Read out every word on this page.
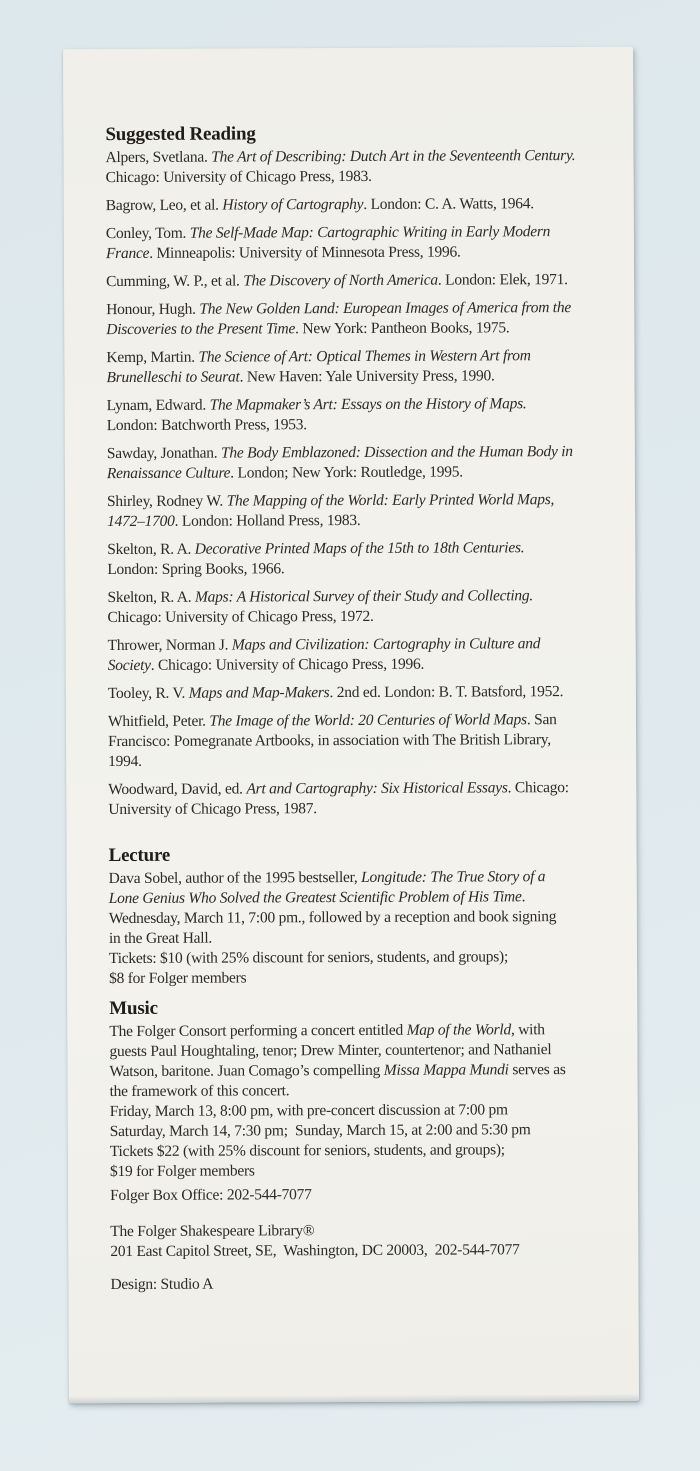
Suggested Reading
Alpers, Svetlana. The Art of Describing: Dutch Art in the Seventeenth Century.
Chicago: University of Chicago Press, 1983.
Bagrow, Leo, et al. History of Cartography. London: C. A. Watts, 1964.
Conley, Tom. The Self-Made Map: Cartographic Writing in Early Modern
France. Minneapolis: University of Minnesota Press, 1996.
Cumming, W. P., et al. The Discovery of North America. London: Elek, 1971.
Honour, Hugh. The New Golden Land: European Images of America from the
Discoveries to the Present Time. New York: Pantheon Books, 1975.
Kemp, Martin. The Science of Art: Optical Themes in Western Art from
Brunelleschi to Seurat. New Haven: Yale University Press, 1990.
Lynam, Edward. The Mapmaker’s Art: Essays on the History of Maps.
London: Batchworth Press, 1953.
Sawday, Jonathan. The Body Emblazoned: Dissection and the Human Body in
Renaissance Culture. London; New York: Routledge, 1995.
Shirley, Rodney W. The Mapping of the World: Early Printed World Maps,
1472–1700. London: Holland Press, 1983.
Skelton, R. A. Decorative Printed Maps of the 15th to 18th Centuries.
London: Spring Books, 1966.
Skelton, R. A. Maps: A Historical Survey of their Study and Collecting.
Chicago: University of Chicago Press, 1972.
Thrower, Norman J. Maps and Civilization: Cartography in Culture and
Society. Chicago: University of Chicago Press, 1996.
Tooley, R. V. Maps and Map-Makers. 2nd ed. London: B. T. Batsford, 1952.
Whitfield, Peter. The Image of the World: 20 Centuries of World Maps. San
Francisco: Pomegranate Artbooks, in association with The British Library,
1994.
Woodward, David, ed. Art and Cartography: Six Historical Essays. Chicago:
University of Chicago Press, 1987.
Lecture
Dava Sobel, author of the 1995 bestseller, Longitude: The True Story of a
Lone Genius Who Solved the Greatest Scientific Problem of His Time.
Wednesday, March 11, 7:00 pm., followed by a reception and book signing
in the Great Hall.
Tickets: $10 (with 25% discount for seniors, students, and groups);
$8 for Folger members
Music
The Folger Consort performing a concert entitled Map of the World, with
guests Paul Houghtaling, tenor; Drew Minter, countertenor; and Nathaniel
Watson, baritone. Juan Comago’s compelling Missa Mappa Mundi serves as
the framework of this concert.
Friday, March 13, 8:00 pm, with pre-concert discussion at 7:00 pm
Saturday, March 14, 7:30 pm;  Sunday, March 15, at 2:00 and 5:30 pm
Tickets $22 (with 25% discount for seniors, students, and groups);
$19 for Folger members
Folger Box Office: 202-544-7077
The Folger Shakespeare Library®
201 East Capitol Street, SE,  Washington, DC 20003,  202-544-7077
Design: Studio A
